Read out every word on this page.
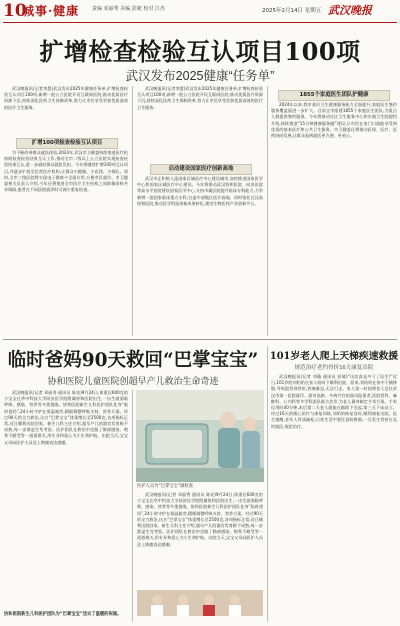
10
城事·健康	责编 邓丽秀 美编 彭婕 校对 江杰	2025年2月14日 星期五 武汉晚报
扩增检查检验互认项目100项
武汉发布2025健康“任务单”

武汉晚报讯(记者李慧)武汉发布2025年健康任务单,扩增检查检验互认项目100项,新增一批公立医院开设互联网医院,推动优质医疗资源下沉,持续深化医药卫生体制改革,努力让市民享受更加优质高效的医疗卫生服务。

扩增100项检查检验互认项目

为不断改善群众就医体验,2024年,武汉市卫健委持续推进医疗机构间检查检验结果互认工作,推动全市二级以上公立医院实现检查检验结果互认,进一步减轻群众就医负担。今年将继续扩增100项互认项目,并逐步扩展至民营医疗机构,让群众少跑腿、少花钱、少排队。同时,全市三级医院将实现电子健康卡全面应用,方便市民就诊。市卫健委相关负责人介绍,今年还将推进全市医疗卫生机构之间影像资料共享调阅,患者在不同医院就诊时可减少重复检查。

武汉晚报讯(记者李慧)武汉发布2025年健康任务单,扩增检查检验互认项目100项,新增一批公立医院开设互联网医院,推动优质医疗资源下沉,持续深化医药卫生体制改革,努力让市民享受更加优质高效的医疗卫生服务。

启动建设国家医疗创新高地

武汉市正积极入选国家区域医疗中心建设城市,加快推进国家医学中心和国家区域医疗中心建设。今年将推动武汉协和医院、同济医院等高水平医院建设国家医学中心,支持市属医院提升临床专科能力,力争新增一批国家临床重点专科,打造中部地区医疗高地。同时依托在汉高校和医院,推动医学科技创新成果转化,建设生物医药产业创新平台。

1855个家庭医生团队护健康

2024年以来,我市基层卫生健康服务能力全面提升,家庭医生签约服务覆盖面进一步扩大。目前全市组建1855个家庭医生团队,为重点人群提供签约服务。今年将推动社区卫生服务中心和乡镇卫生院提档升级,持续推进“15分钟健康服务圈”建设,让市民在家门口就能享受到优质的基本医疗和公共卫生服务。市卫健委还将推动医保、医疗、医药协同发展,让群众看病就医更方便、更省心。

临时爸妈90天救回“巴掌宝宝”
协和医院儿童医院创超早产儿救治生命奇迹

武汉晚报讯(记者 邓丽秀 通讯员 陈亮)9月24日,体重仅600克的小宝宝在华中科技大学同济医学院附属协和医院出生,一出生就面临呼吸、感染、营养等多重挑战。协和医院新生儿科医护团队化身“临时爸妈”,24小时守护在保温箱旁,精细调整呼吸支持、营养方案。经过90天的全力救治,这名“巴掌宝宝”体重增长至2500克,各项指标正常,近日顺利出院回家。新生儿科主任介绍,超早产儿的器官发育极不成熟,每一步都是生死考验。医护团队在救治中克服了肺部感染、喂养不耐受等一道道难关,用专业和爱心为小生命护航。出院当天,宝宝父母向医护人员送上锦旗表达感谢。

医护人员为“巴掌宝宝”做检查

武汉晚报讯(记者 邓丽秀 通讯员 陈亮)9月24日,体重仅600克的小宝宝在华中科技大学同济医学院附属协和医院出生,一出生就面临呼吸、感染、营养等多重挑战。协和医院新生儿科医护团队化身“临时爸妈”,24小时守护在保温箱旁,精细调整呼吸支持、营养方案。经过90天的全力救治,这名“巴掌宝宝”体重增长至2500克,各项指标正常,近日顺利出院回家。新生儿科主任介绍,超早产儿的器官发育极不成熟,每一步都是生死考验。医护团队在救治中克服了肺部感染、喂养不耐受等一道道难关,用专业和爱心为小生命护航。出院当天,宝宝父母向医护人员送上锦旗表达感谢。

协和医院新生儿科医护团队为“巴掌宝宝”送去了温暖的祝福。
101岁老人爬上天梯疾速救援
规范治疗老约骨折16天康复出院

武汉晚报讯(记者 刘璇 通讯员 彭倩)“这次真是多亏了医生!”近日,101岁的刘奶奶在家人陪同下顺利出院。原来,刘奶奶在家中不慎摔倒,导致股骨颈骨折,疼痛难忍,无法行走。家人第一时间将老人送往武汉市第一医院就诊。面对高龄、多病共存的高风险患者,医院骨科、麻醉科、心内科等多学科团队联合会诊,为老人量身制定手术方案。手术仅用时40分钟,术后第二天老人就能在辅助下坐起,第三天下床站立。经过16天的精心治疗与康复训练,刘奶奶恢复良好,顺利康复出院。医生提醒,老年人骨质疏松,日常生活中要注意防跌倒,一旦发生骨折应及时就医,规范治疗。
